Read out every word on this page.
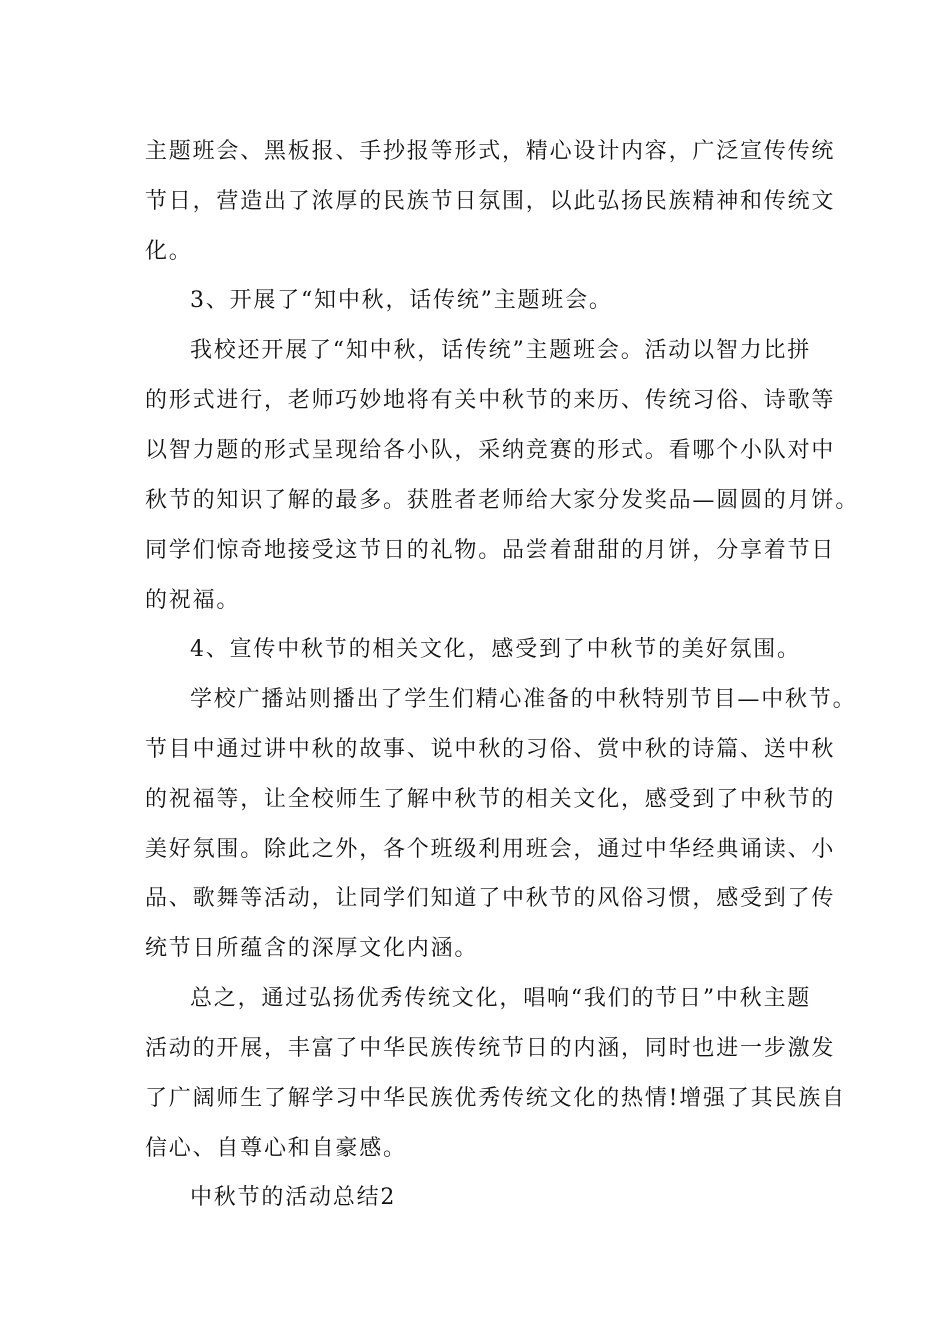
主题班会、黑板报、手抄报等形式，精心设计内容，广泛宣传传统

节日，营造出了浓厚的民族节日氛围，以此弘扬民族精神和传统文

化。

3、开展了“知中秋，话传统”主题班会。

我校还开展了“知中秋，话传统”主题班会。活动以智力比拼

的形式进行，老师巧妙地将有关中秋节的来历、传统习俗、诗歌等

以智力题的形式呈现给各小队，采纳竞赛的形式。看哪个小队对中

秋节的知识了解的最多。获胜者老师给大家分发奖品—圆圆的月饼。

同学们惊奇地接受这节日的礼物。品尝着甜甜的月饼，分享着节日

的祝福。

4、宣传中秋节的相关文化，感受到了中秋节的美好氛围。

学校广播站则播出了学生们精心准备的中秋特别节目—中秋节。

节目中通过讲中秋的故事、说中秋的习俗、赏中秋的诗篇、送中秋

的祝福等，让全校师生了解中秋节的相关文化，感受到了中秋节的

美好氛围。除此之外，各个班级利用班会，通过中华经典诵读、小

品、歌舞等活动，让同学们知道了中秋节的风俗习惯，感受到了传

统节日所蕴含的深厚文化内涵。

总之，通过弘扬优秀传统文化，唱响“我们的节日”中秋主题

活动的开展，丰富了中华民族传统节日的内涵，同时也进一步激发

了广阔师生了解学习中华民族优秀传统文化的热情!增强了其民族自

信心、自尊心和自豪感。

中秋节的活动总结2
